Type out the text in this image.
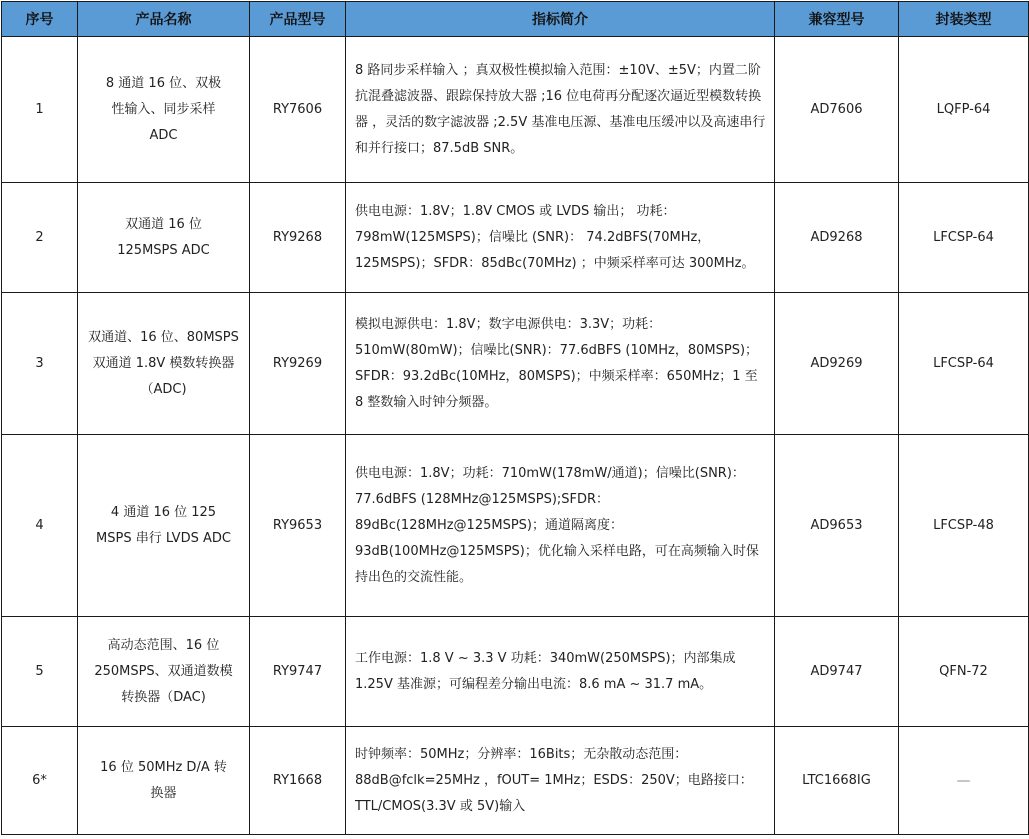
序号	产品名称	产品型号	指标简介	兼容型号	封装类型
1	8 通道 16 位、双极性输入、同步采样 ADC	RY7606	8 路同步采样输入 ；真双极性模拟输入范围：±10V、±5V；内置二阶抗混叠滤波器、跟踪保持放大器 ;16 位电荷再分配逐次逼近型模数转换器 ，灵活的数字滤波器 ;2.5V 基准电压源、基准电压缓冲以及高速串行和并行接口；87.5dB SNR。	AD7606	LQFP-64
2	双通道 16 位 125MSPS ADC	RY9268	供电电源：1.8V；1.8V CMOS 或 LVDS 输出； 功耗：798mW(125MSPS)；信噪比 (SNR)： 74.2dBFS(70MHz，125MSPS)；SFDR：85dBc(70MHz) ；中频采样率可达 300MHz。	AD9268	LFCSP-64
3	双通道、16 位、80MSPS 双通道 1.8V 模数转换器（ADC)	RY9269	模拟电源供电：1.8V；数字电源供电：3.3V；功耗：510mW(80mW)；信噪比(SNR)：77.6dBFS (10MHz，80MSPS)；SFDR：93.2dBc(10MHz，80MSPS)；中频采样率：650MHz；1 至 8 整数输入时钟分频器。	AD9269	LFCSP-64
4	4 通道 16 位 125 MSPS 串行 LVDS ADC	RY9653	供电电源：1.8V；功耗：710mW(178mW/通道)；信噪比(SNR)：77.6dBFS (128MHz@125MSPS);SFDR：89dBc(128MHz@125MSPS)；通道隔离度：93dB(100MHz@125MSPS)；优化输入采样电路，可在高频输入时保持出色的交流性能。	AD9653	LFCSP-48
5	高动态范围、16 位 250MSPS、双通道数模转换器（DAC)	RY9747	工作电源：1.8 V ~ 3.3 V 功耗：340mW(250MSPS)；内部集成 1.25V 基准源；可编程差分输出电流：8.6 mA ~ 31.7 mA。	AD9747	QFN-72
6*	16 位 50MHz D/A 转换器	RY1668	时钟频率：50MHz；分辨率：16Bits；无杂散动态范围：88dB@fclk=25MHz ，fOUT= 1MHz；ESDS：250V；电路接口：TTL/CMOS(3.3V 或 5V)输入	LTC1668IG	—
